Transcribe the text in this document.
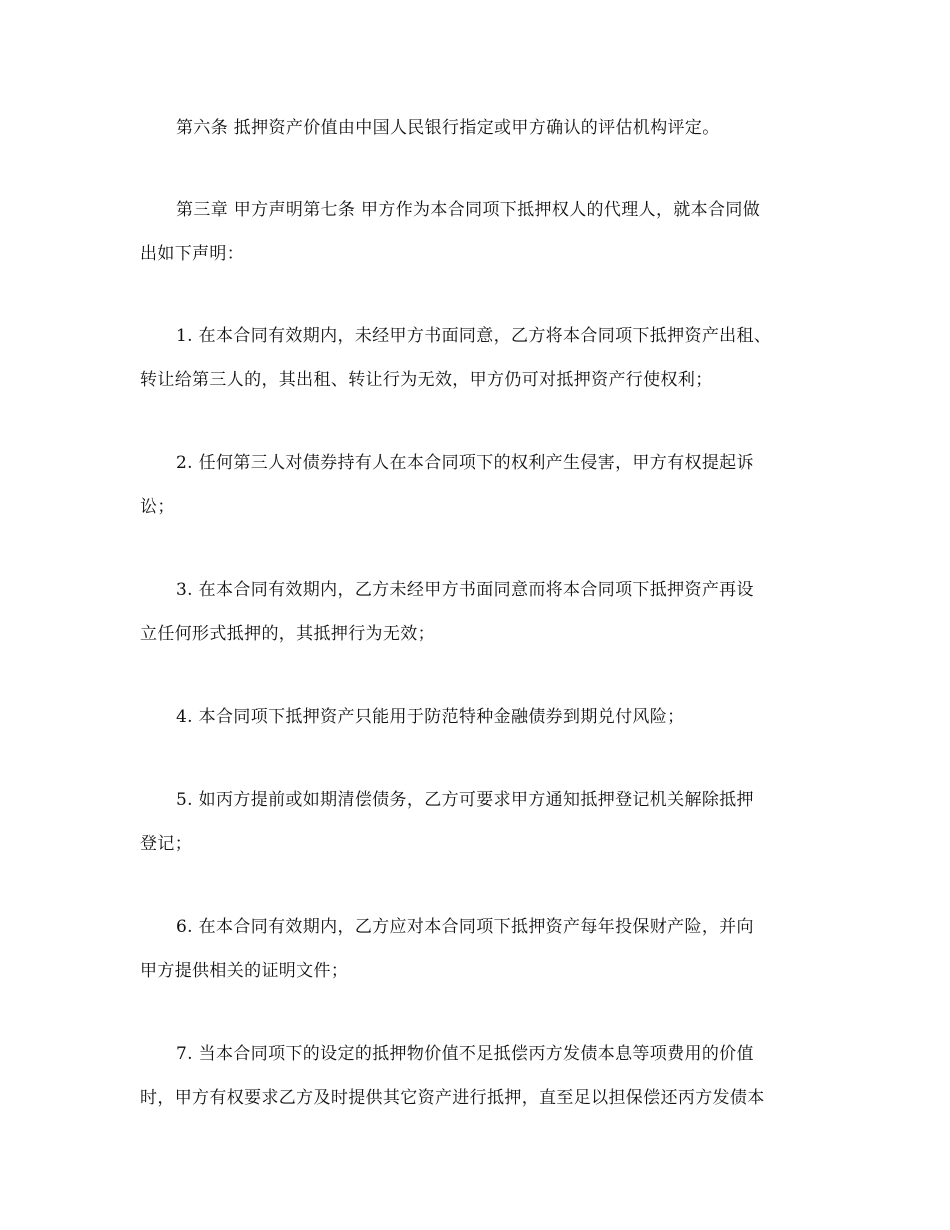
第六条 抵押资产价值由中国人民银行指定或甲方确认的评估机构评定。
第三章 甲方声明第七条 甲方作为本合同项下抵押权人的代理人，就本合同做
出如下声明：
1. 在本合同有效期内，未经甲方书面同意，乙方将本合同项下抵押资产出租、
转让给第三人的，其出租、转让行为无效，甲方仍可对抵押资产行使权利；
2. 任何第三人对债券持有人在本合同项下的权利产生侵害，甲方有权提起诉
讼；
3. 在本合同有效期内，乙方未经甲方书面同意而将本合同项下抵押资产再设
立任何形式抵押的，其抵押行为无效；
4. 本合同项下抵押资产只能用于防范特种金融债券到期兑付风险；
5. 如丙方提前或如期清偿债务，乙方可要求甲方通知抵押登记机关解除抵押
登记；
6. 在本合同有效期内，乙方应对本合同项下抵押资产每年投保财产险，并向
甲方提供相关的证明文件；
7. 当本合同项下的设定的抵押物价值不足抵偿丙方发债本息等项费用的价值
时，甲方有权要求乙方及时提供其它资产进行抵押，直至足以担保偿还丙方发债本
